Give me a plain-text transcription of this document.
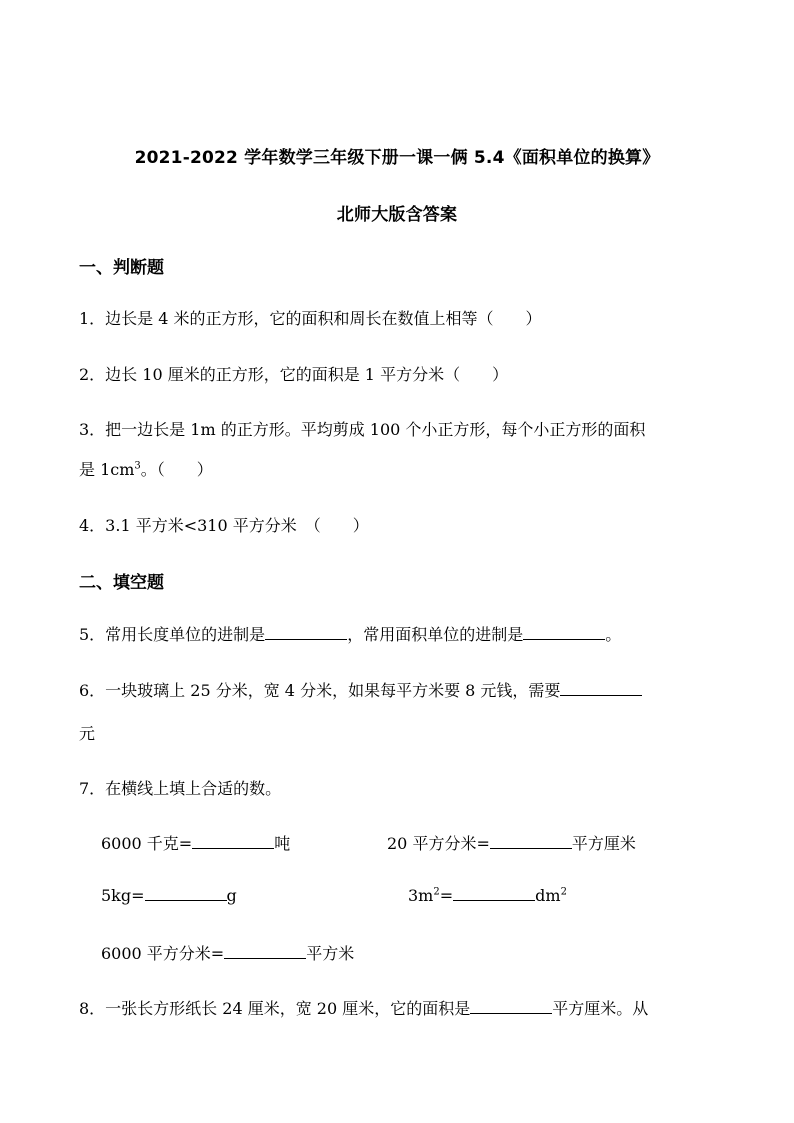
2021-2022 学年数学三年级下册一课一俩 5.4《面积单位的换算》
北师大版含答案
一、判断题
1．边长是 4 米的正方形，它的面积和周长在数值上相等（　　）
2．边长 10 厘米的正方形，它的面积是 1 平方分米（　　）
3．把一边长是 1m 的正方形。平均剪成 100 个小正方形，每个小正方形的面积
是 $1cm^3$。（　　）
4．3.1 平方米<310 平方分米　（　　）
二、填空题
5．常用长度单位的进制是	，常用面积单位的进制是	。
6．一块玻璃上 25 分米，宽 4 分米，如果每平方米要 8 元钱，需要
元
7．在横线上填上合适的数。
6000 千克=	吨	20 平方分米=	平方厘米
5kg=	g	$3m^2=$	$dm^2$
6000 平方分米=	平方米
8．一张长方形纸长 24 厘米，宽 20 厘米，它的面积是	平方厘米。从
